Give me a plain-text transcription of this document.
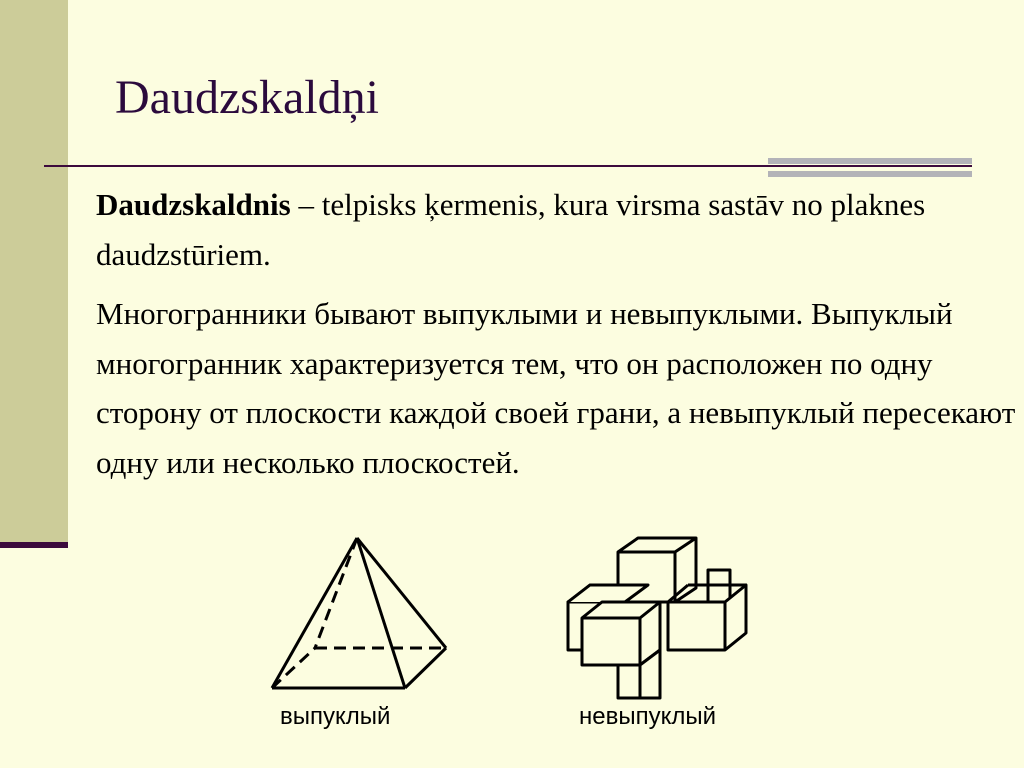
Daudzskaldņi

Daudzskaldnis – telpisks ķermenis, kura virsma sastāv no plaknes daudzstūriem.

Многогранники бывают выпуклыми и невыпуклыми. Выпуклый многогранник характеризуется тем, что он расположен по одну сторону от плоскости каждой своей грани, а невыпуклый пересекают одну или несколько плоскостей.

выпуклый	невыпуклый
